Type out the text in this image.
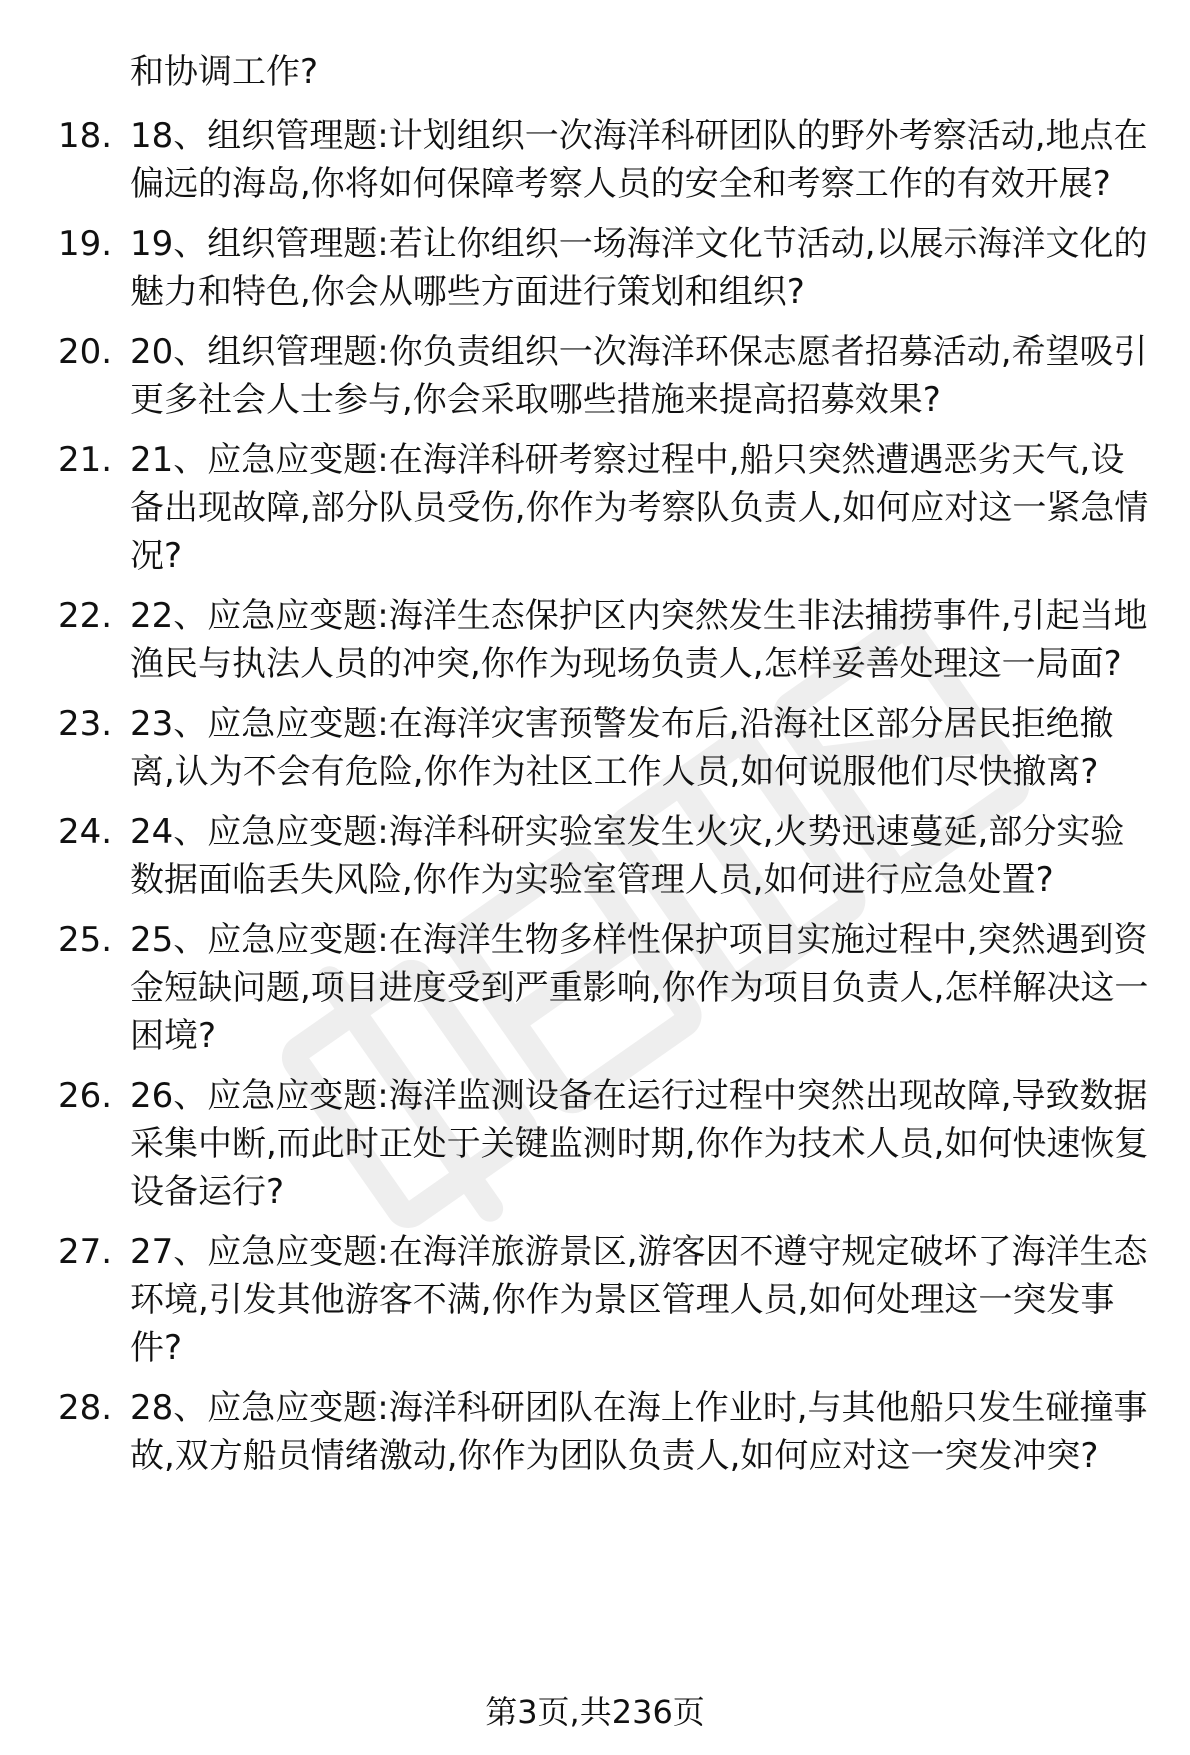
和协调工作?

18. 18、组织管理题:计划组织一次海洋科研团队的野外考察活动,地点在偏远的海岛,你将如何保障考察人员的安全和考察工作的有效开展?
19. 19、组织管理题:若让你组织一场海洋文化节活动,以展示海洋文化的魅力和特色,你会从哪些方面进行策划和组织?
20. 20、组织管理题:你负责组织一次海洋环保志愿者招募活动,希望吸引更多社会人士参与,你会采取哪些措施来提高招募效果?
21. 21、应急应变题:在海洋科研考察过程中,船只突然遭遇恶劣天气,设备出现故障,部分队员受伤,你作为考察队负责人,如何应对这一紧急情况?
22. 22、应急应变题:海洋生态保护区内突然发生非法捕捞事件,引起当地渔民与执法人员的冲突,你作为现场负责人,怎样妥善处理这一局面?
23. 23、应急应变题:在海洋灾害预警发布后,沿海社区部分居民拒绝撤离,认为不会有危险,你作为社区工作人员,如何说服他们尽快撤离?
24. 24、应急应变题:海洋科研实验室发生火灾,火势迅速蔓延,部分实验数据面临丢失风险,你作为实验室管理人员,如何进行应急处置?
25. 25、应急应变题:在海洋生物多样性保护项目实施过程中,突然遇到资金短缺问题,项目进度受到严重影响,你作为项目负责人,怎样解决这一困境?
26. 26、应急应变题:海洋监测设备在运行过程中突然出现故障,导致数据采集中断,而此时正处于关键监测时期,你作为技术人员,如何快速恢复设备运行?
27. 27、应急应变题:在海洋旅游景区,游客因不遵守规定破坏了海洋生态环境,引发其他游客不满,你作为景区管理人员,如何处理这一突发事件?
28. 28、应急应变题:海洋科研团队在海上作业时,与其他船只发生碰撞事故,双方船员情绪激动,你作为团队负责人,如何应对这一突发冲突?

第3页,共236页
